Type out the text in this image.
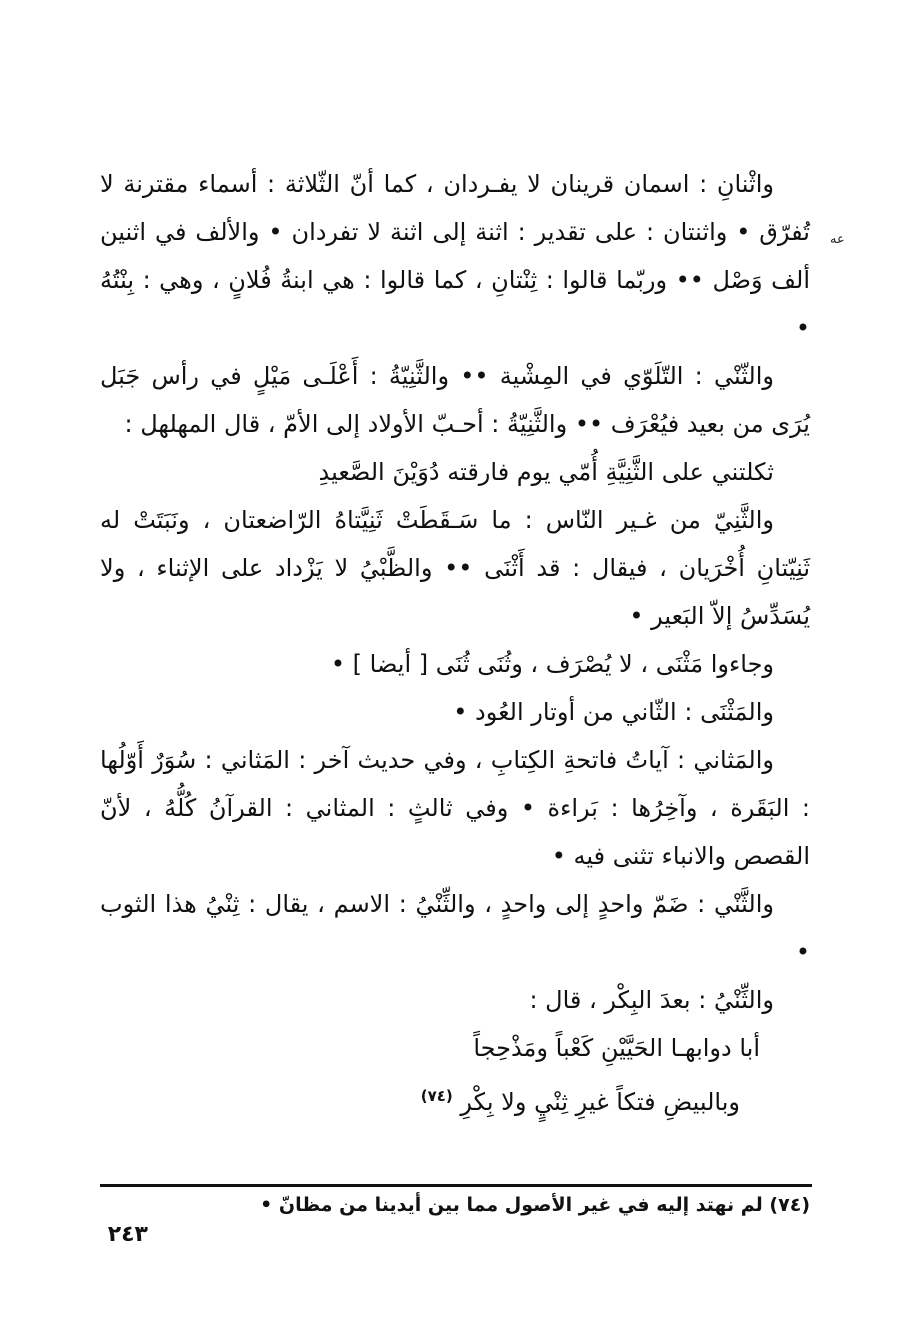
عه

واثْنانِ : اسمان قرينان لا يفـردان ، كما أنّ الثّلاثة : أسماء مقترنة لا تُفرّق • واثنتان : على تقدير : اثنة إلى اثنة لا تفردان • والألف في اثنين ألف وَصْل •• وربّما قالوا : ثِنْتانِ ، كما قالوا : هي ابنةُ فُلانٍ ، وهي : بِنْتُهُ •

والثّنْي : التّلَوّي في المِشْية •• والثَّنِيّةُ : أَعْلَـى مَيْلٍ في رأس جَبَل يُرَى من بعيد فيُعْرَف •• والثَّنِيّةُ : أحـبّ الأولاد إلى الأمّ ، قال المهلهل :

ثكلتني على الثَّنِيَّةِ أُمّي يوم فارقته دُوَيْنَ الصَّعيدِ

والثَّنِيّ من غـير النّاس : ما سَـقَطَتْ ثَنِيَّتاهُ الرّاضعتان ، ونَبَتَتْ له ثَنِيّتانِ أُخْرَيان ، فيقال : قد أَثْنَى •• والظَّبْيُ لا يَزْداد على الإثناء ، ولا يُسَدِّسُ إلاّ البَعير •

وجاءوا مَثْنَى ، لا يُصْرَف ، وثُنَى ثُنَى [ أيضا ] •

والمَثْنَى : الثّاني من أوتار العُود •

والمَثاني : آياتُ فاتحةِ الكِتابِ ، وفي حديث آخر : المَثاني : سُوَرٌ أَوّلُها : البَقَرة ، وآخِرُها : بَراءة • وفي ثالثٍ : المثاني : القرآنُ كُلُّهُ ، لأنّ القصص والانباء تثنى فيه •

والثَّنْي : ضَمّ واحدٍ إلى واحدٍ ، والثِّنْيُ : الاسم ، يقال : ثِنْيُ هذا الثوب •

والثِّنْيُ : بعدَ البِكْر ، قال :

أبا دوابهـا الحَيَّيْنِ كَعْباً ومَذْحِجاً

وبالبيضِ فتكاً غيرِ ثِنْيٍ ولا بِكْرِ $^{(٧٤)}$

(٧٤) لم نهتد إليه في غير الأصول مما بين أيدينا من مظانّ •
٢٤٣
